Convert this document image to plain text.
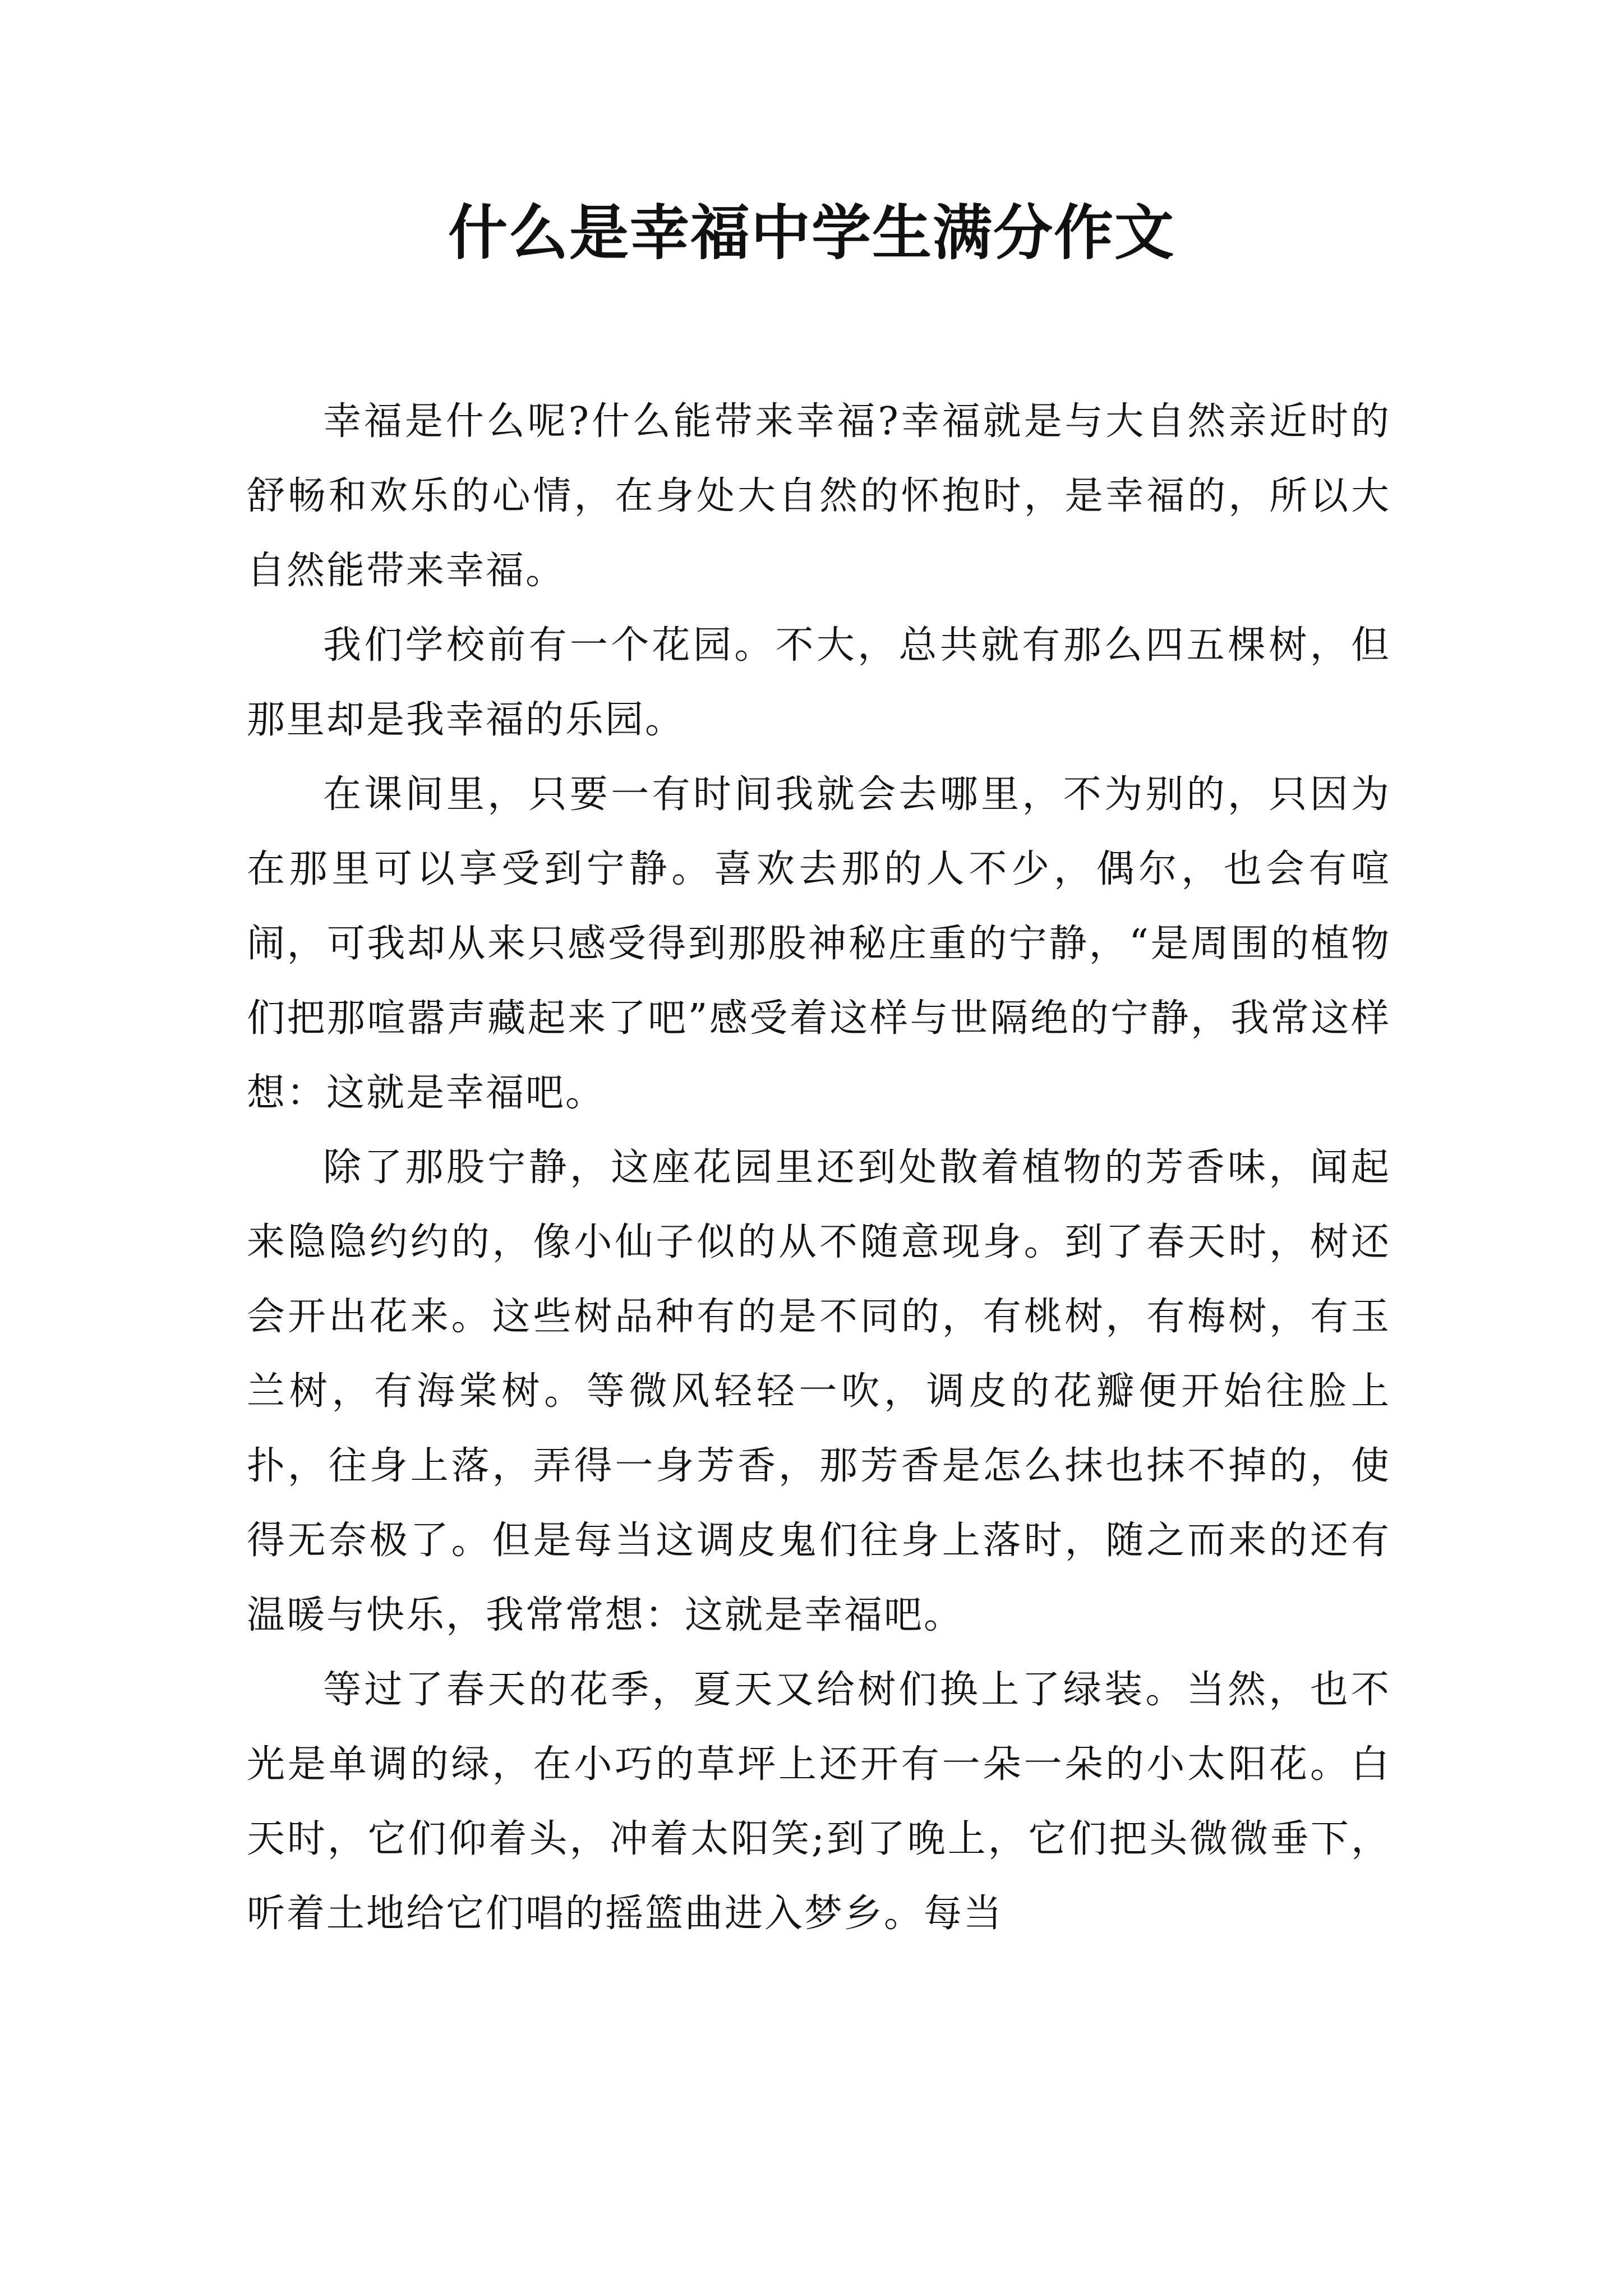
什么是幸福中学生满分作文

幸福是什么呢?什么能带来幸福?幸福就是与大自然亲近时的舒畅和欢乐的心情，在身处大自然的怀抱时，是幸福的，所以大自然能带来幸福。

我们学校前有一个花园。不大，总共就有那么四五棵树，但那里却是我幸福的乐园。

在课间里，只要一有时间我就会去哪里，不为别的，只因为在那里可以享受到宁静。喜欢去那的人不少，偶尔，也会有喧闹，可我却从来只感受得到那股神秘庄重的宁静，“是周围的植物们把那喧嚣声藏起来了吧”感受着这样与世隔绝的宁静，我常这样想：这就是幸福吧。

除了那股宁静，这座花园里还到处散着植物的芳香味，闻起来隐隐约约的，像小仙子似的从不随意现身。到了春天时，树还会开出花来。这些树品种有的是不同的，有桃树，有梅树，有玉兰树，有海棠树。等微风轻轻一吹，调皮的花瓣便开始往脸上扑，往身上落，弄得一身芳香，那芳香是怎么抹也抹不掉的，使得无奈极了。但是每当这调皮鬼们往身上落时，随之而来的还有温暖与快乐，我常常想：这就是幸福吧。

等过了春天的花季，夏天又给树们换上了绿装。当然，也不光是单调的绿，在小巧的草坪上还开有一朵一朵的小太阳花。白天时，它们仰着头，冲着太阳笑;到了晚上，它们把头微微垂下，听着土地给它们唱的摇篮曲进入梦乡。每当
